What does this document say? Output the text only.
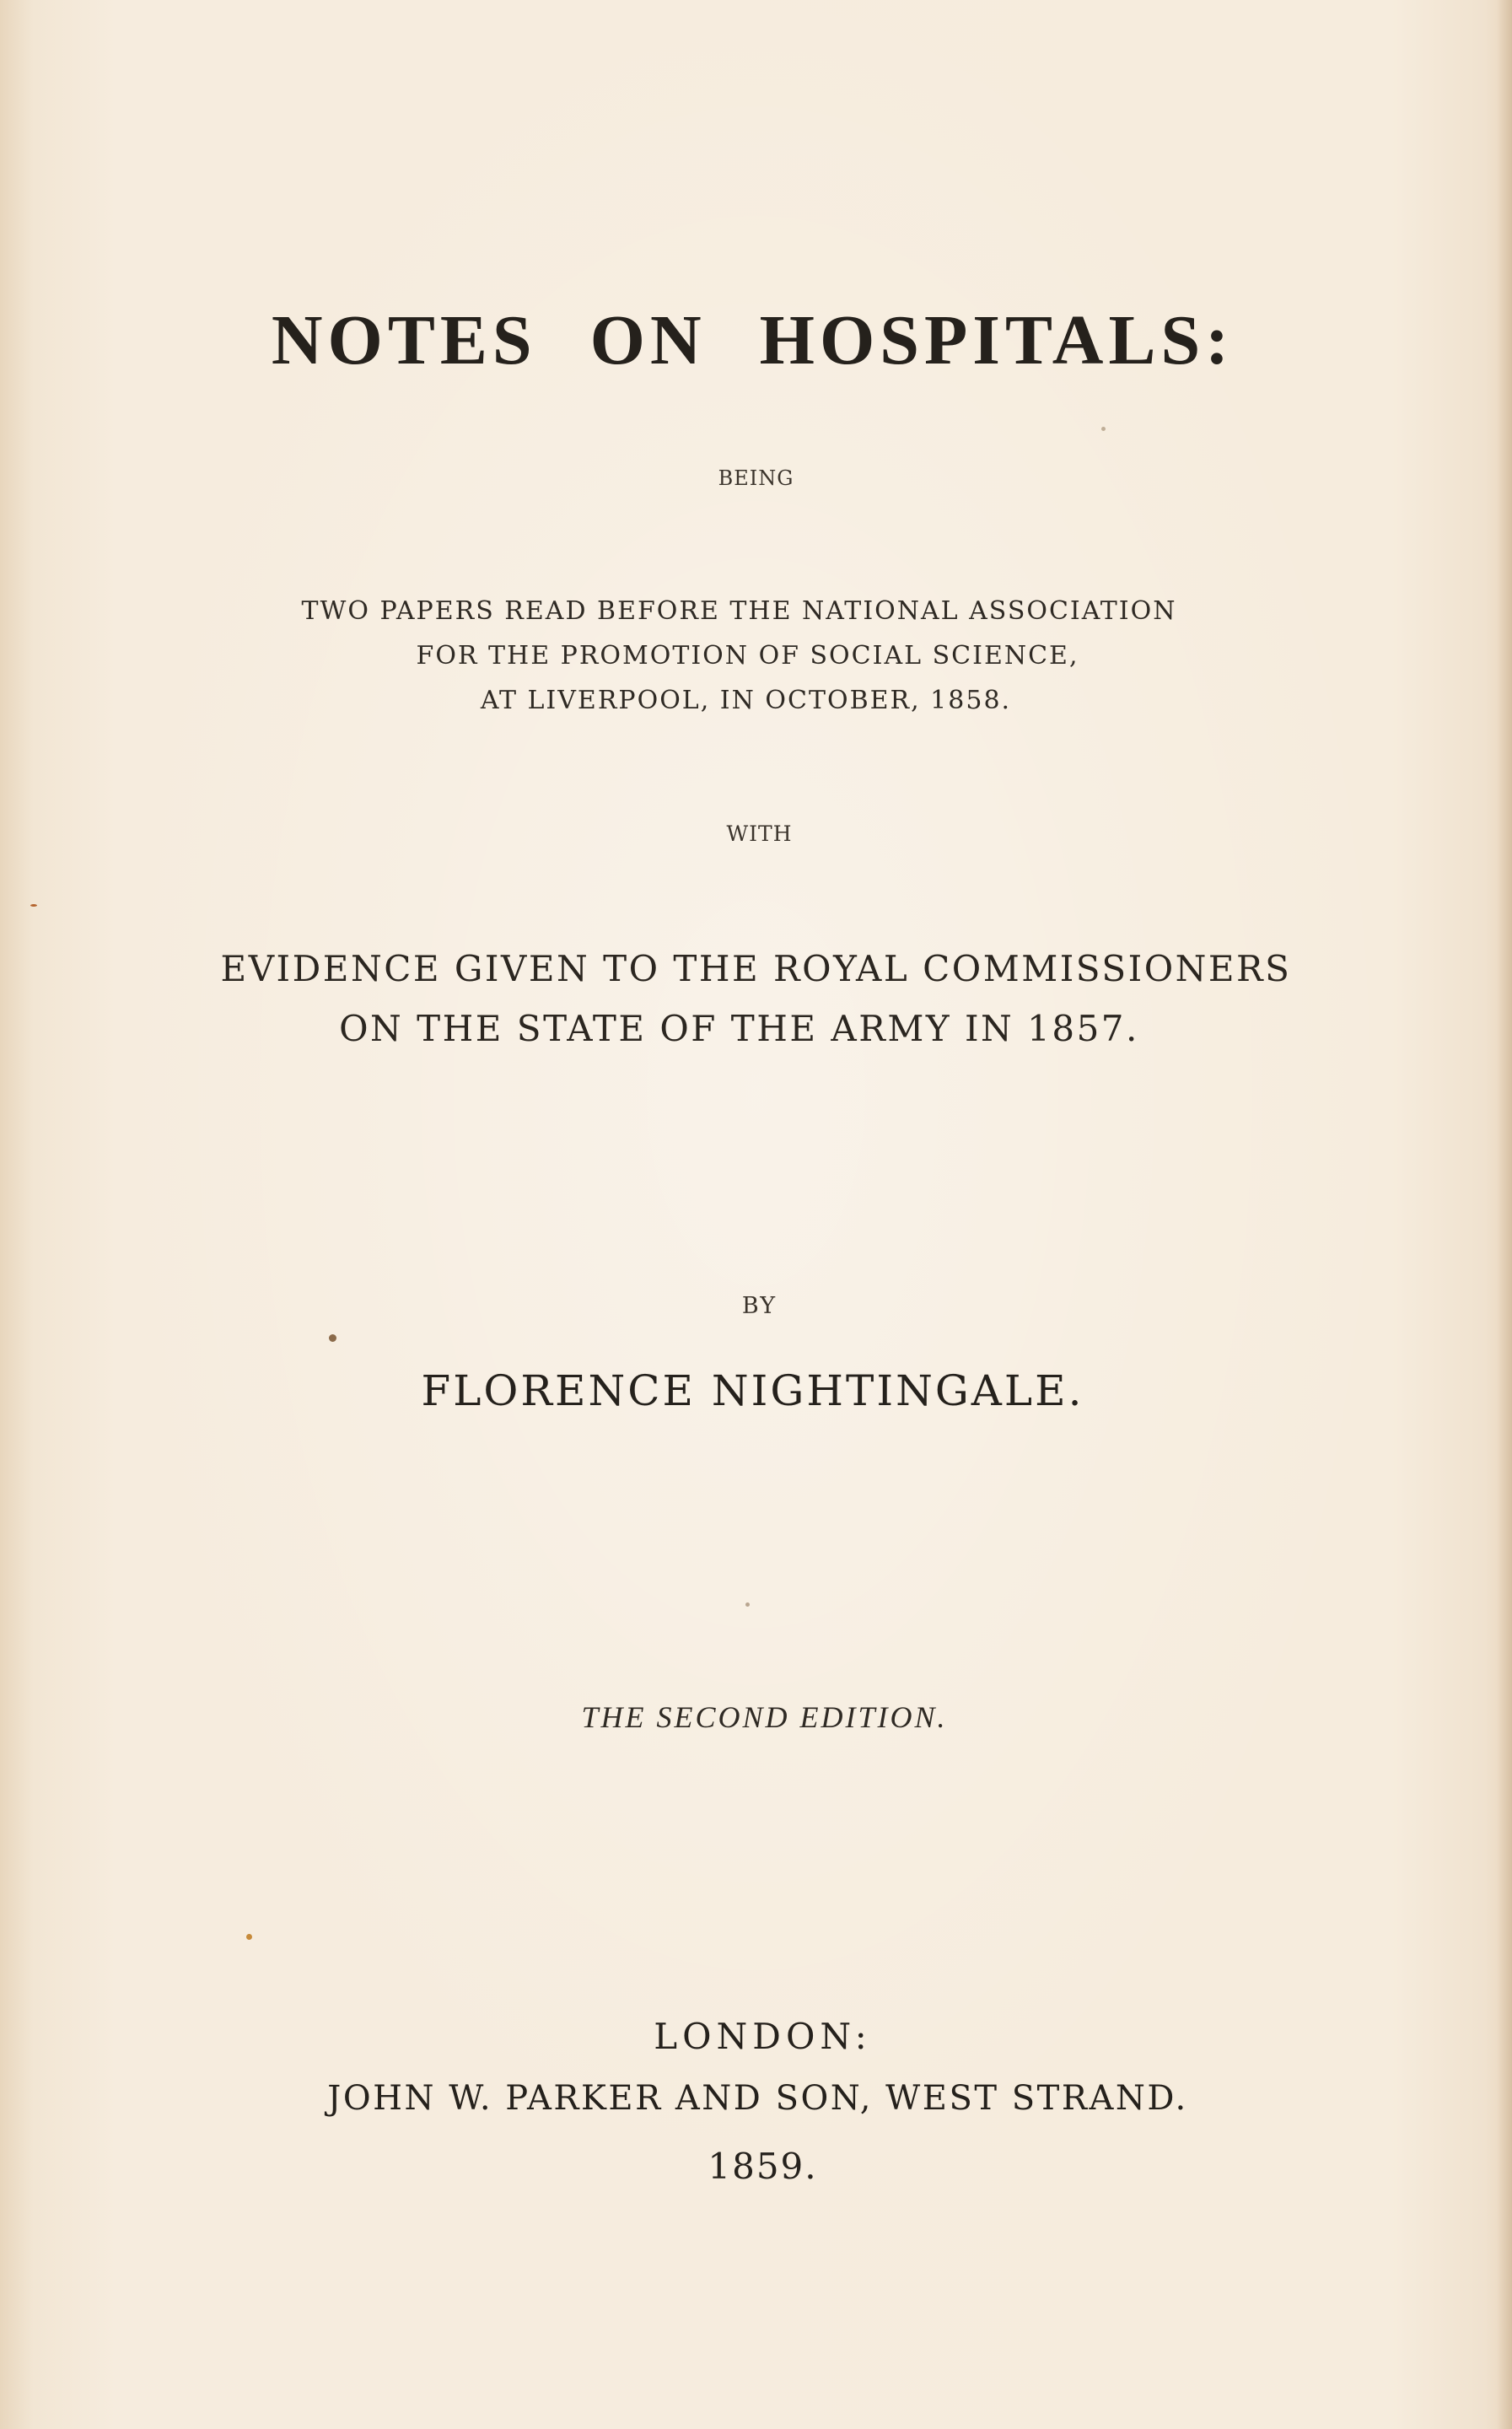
NOTES ON HOSPITALS:

BEING

TWO PAPERS READ BEFORE THE NATIONAL ASSOCIATION

FOR THE PROMOTION OF SOCIAL SCIENCE,

AT LIVERPOOL, IN OCTOBER, 1858.

WITH

EVIDENCE GIVEN TO THE ROYAL COMMISSIONERS

ON THE STATE OF THE ARMY IN 1857.

BY

FLORENCE NIGHTINGALE.

THE SECOND EDITION.

LONDON:

JOHN W. PARKER AND SON, WEST STRAND.

1859.
